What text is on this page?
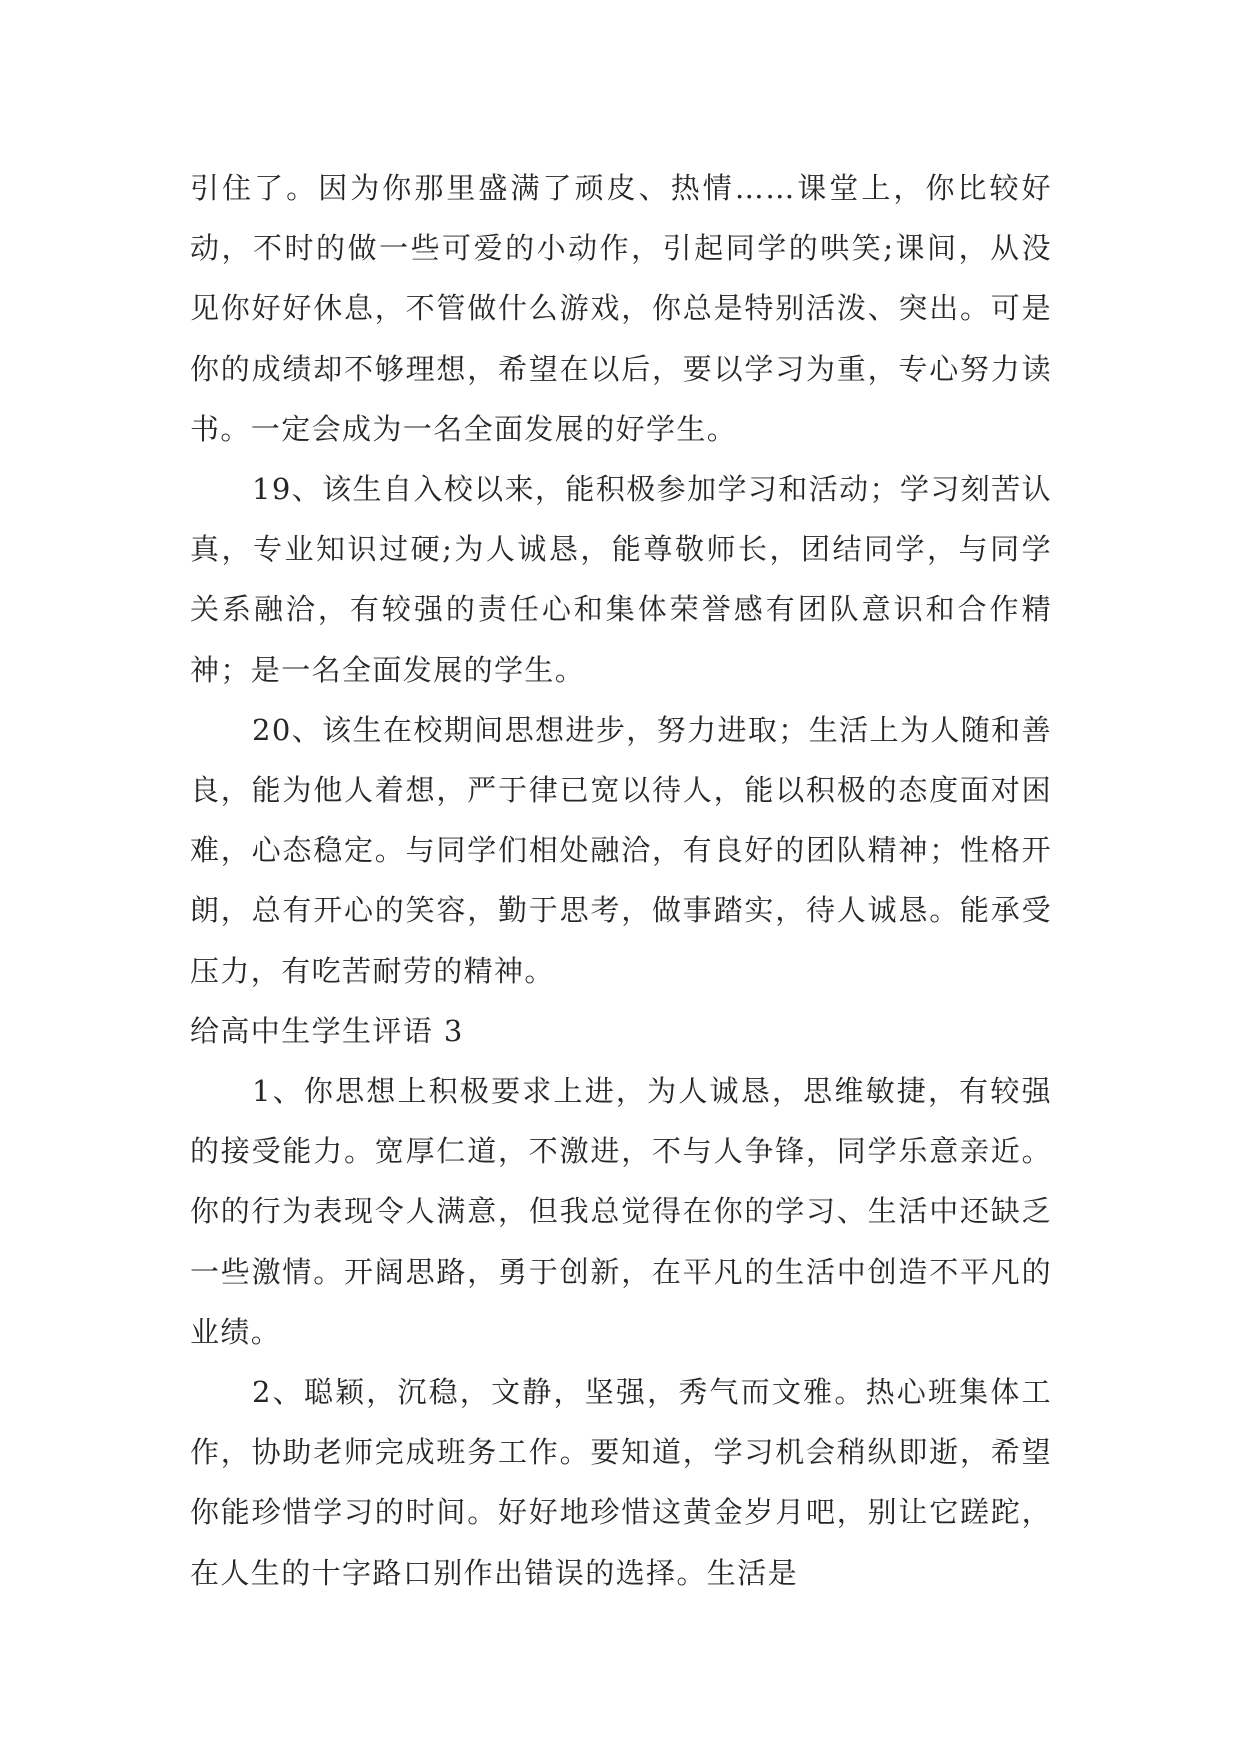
引住了。因为你那里盛满了顽皮、热情……课堂上，你比较好动，不时的做一些可爱的小动作，引起同学的哄笑;课间，从没见你好好休息，不管做什么游戏，你总是特别活泼、突出。可是你的成绩却不够理想，希望在以后，要以学习为重，专心努力读书。一定会成为一名全面发展的好学生。

19、该生自入校以来，能积极参加学习和活动；学习刻苦认真，专业知识过硬;为人诚恳，能尊敬师长，团结同学，与同学关系融洽，有较强的责任心和集体荣誉感有团队意识和合作精神；是一名全面发展的学生。

20、该生在校期间思想进步，努力进取；生活上为人随和善良，能为他人着想，严于律已宽以待人，能以积极的态度面对困难，心态稳定。与同学们相处融洽，有良好的团队精神；性格开朗，总有开心的笑容，勤于思考，做事踏实，待人诚恳。能承受压力，有吃苦耐劳的精神。

给高中生学生评语 3

1、你思想上积极要求上进，为人诚恳，思维敏捷，有较强的接受能力。宽厚仁道，不激进，不与人争锋，同学乐意亲近。你的行为表现令人满意，但我总觉得在你的学习、生活中还缺乏一些激情。开阔思路，勇于创新，在平凡的生活中创造不平凡的业绩。

2、聪颖，沉稳，文静，坚强，秀气而文雅。热心班集体工作，协助老师完成班务工作。要知道，学习机会稍纵即逝，希望你能珍惜学习的时间。好好地珍惜这黄金岁月吧，别让它蹉跎，在人生的十字路口别作出错误的选择。生活是
